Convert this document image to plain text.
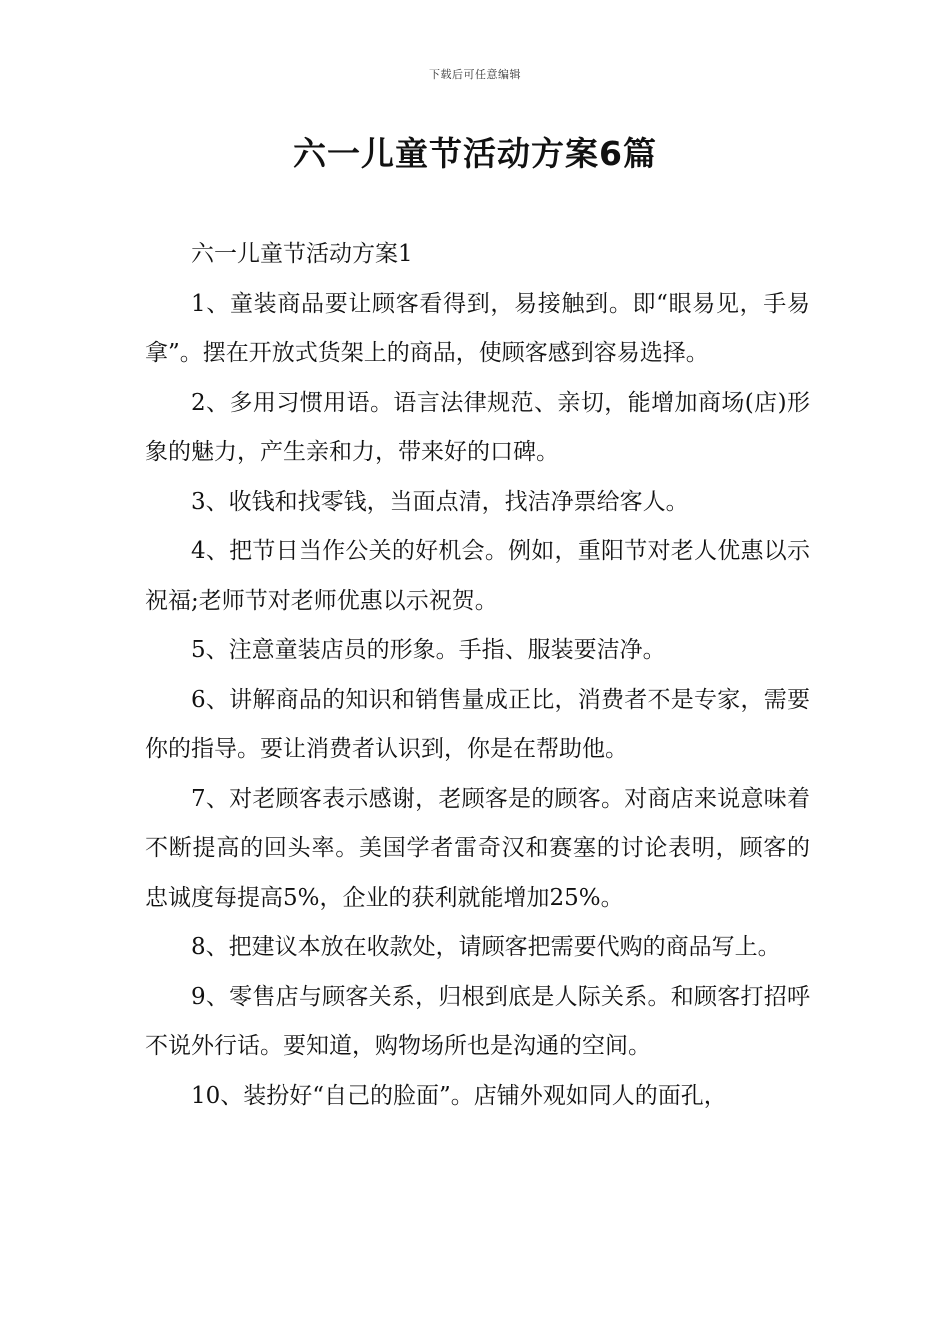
下载后可任意编辑
六一儿童节活动方案6篇

六一儿童节活动方案1

1、童装商品要让顾客看得到，易接触到。即“眼易见，手易拿”。摆在开放式货架上的商品，使顾客感到容易选择。

2、多用习惯用语。语言法律规范、亲切，能增加商场(店)形象的魅力，产生亲和力，带来好的口碑。

3、收钱和找零钱，当面点清，找洁净票给客人。

4、把节日当作公关的好机会。例如，重阳节对老人优惠以示祝福;老师节对老师优惠以示祝贺。

5、注意童装店员的形象。手指、服装要洁净。

6、讲解商品的知识和销售量成正比，消费者不是专家，需要你的指导。要让消费者认识到，你是在帮助他。

7、对老顾客表示感谢，老顾客是的顾客。对商店来说意味着不断提高的回头率。美国学者雷奇汉和赛塞的讨论表明，顾客的忠诚度每提高5%，企业的获利就能增加25%。

8、把建议本放在收款处，请顾客把需要代购的商品写上。

9、零售店与顾客关系，归根到底是人际关系。和顾客打招呼不说外行话。要知道，购物场所也是沟通的空间。

10、装扮好“自己的脸面”。店铺外观如同人的面孔，
